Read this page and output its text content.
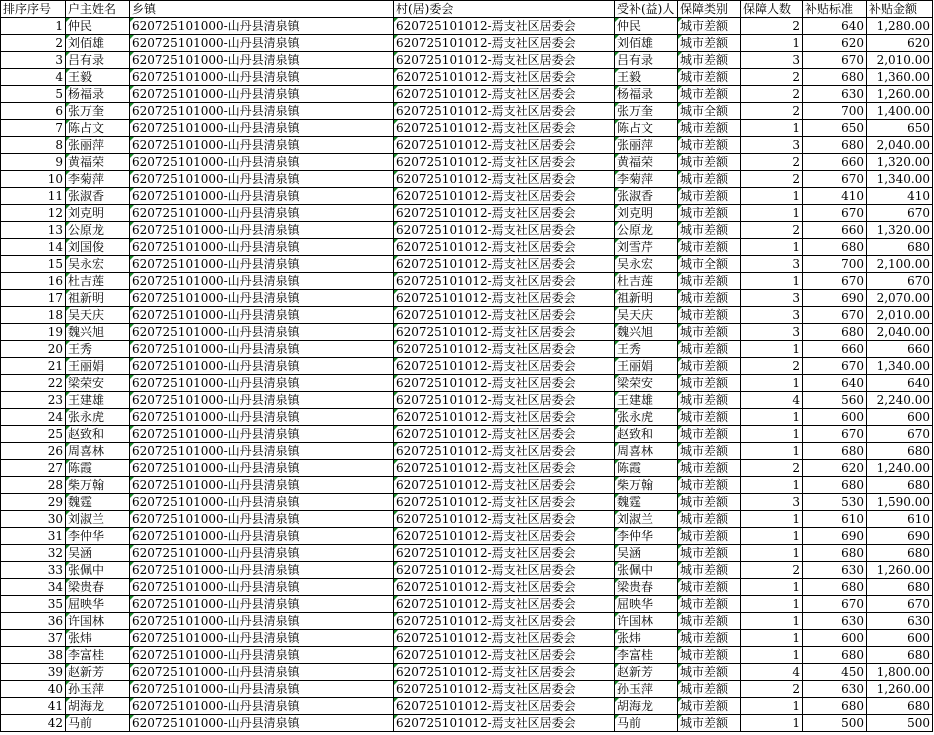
排序序号	户主姓名	乡镇	村(居)委会	受补(益)人	保障类别	保障人数	补贴标准	补贴金额
1	仲民	620725101000-山丹县清泉镇	620725101012-焉支社区居委会	仲民	城市差额	2	640	1,280.00
2	刘佰雄	620725101000-山丹县清泉镇	620725101012-焉支社区居委会	刘佰雄	城市差额	1	620	620
3	吕有录	620725101000-山丹县清泉镇	620725101012-焉支社区居委会	吕有录	城市差额	3	670	2,010.00
4	王毅	620725101000-山丹县清泉镇	620725101012-焉支社区居委会	王毅	城市差额	2	680	1,360.00
5	杨福录	620725101000-山丹县清泉镇	620725101012-焉支社区居委会	杨福录	城市差额	2	630	1,260.00
6	张万奎	620725101000-山丹县清泉镇	620725101012-焉支社区居委会	张万奎	城市全额	2	700	1,400.00
7	陈占文	620725101000-山丹县清泉镇	620725101012-焉支社区居委会	陈占文	城市差额	1	650	650
8	张丽萍	620725101000-山丹县清泉镇	620725101012-焉支社区居委会	张丽萍	城市差额	3	680	2,040.00
9	黄福荣	620725101000-山丹县清泉镇	620725101012-焉支社区居委会	黄福荣	城市差额	2	660	1,320.00
10	李菊萍	620725101000-山丹县清泉镇	620725101012-焉支社区居委会	李菊萍	城市差额	2	670	1,340.00
11	张淑香	620725101000-山丹县清泉镇	620725101012-焉支社区居委会	张淑香	城市差额	1	410	410
12	刘克明	620725101000-山丹县清泉镇	620725101012-焉支社区居委会	刘克明	城市差额	1	670	670
13	公原龙	620725101000-山丹县清泉镇	620725101012-焉支社区居委会	公原龙	城市差额	2	660	1,320.00
14	刘国俊	620725101000-山丹县清泉镇	620725101012-焉支社区居委会	刘雪芹	城市差额	1	680	680
15	吴永宏	620725101000-山丹县清泉镇	620725101012-焉支社区居委会	吴永宏	城市全额	3	700	2,100.00
16	杜吉莲	620725101000-山丹县清泉镇	620725101012-焉支社区居委会	杜吉莲	城市差额	1	670	670
17	祖新明	620725101000-山丹县清泉镇	620725101012-焉支社区居委会	祖新明	城市差额	3	690	2,070.00
18	吴天庆	620725101000-山丹县清泉镇	620725101012-焉支社区居委会	吴天庆	城市差额	3	670	2,010.00
19	魏兴旭	620725101000-山丹县清泉镇	620725101012-焉支社区居委会	魏兴旭	城市差额	3	680	2,040.00
20	王秀	620725101000-山丹县清泉镇	620725101012-焉支社区居委会	王秀	城市差额	1	660	660
21	王丽娟	620725101000-山丹县清泉镇	620725101012-焉支社区居委会	王丽娟	城市差额	2	670	1,340.00
22	梁荣安	620725101000-山丹县清泉镇	620725101012-焉支社区居委会	梁荣安	城市差额	1	640	640
23	王建雄	620725101000-山丹县清泉镇	620725101012-焉支社区居委会	王建雄	城市差额	4	560	2,240.00
24	张永虎	620725101000-山丹县清泉镇	620725101012-焉支社区居委会	张永虎	城市差额	1	600	600
25	赵致和	620725101000-山丹县清泉镇	620725101012-焉支社区居委会	赵致和	城市差额	1	670	670
26	周喜林	620725101000-山丹县清泉镇	620725101012-焉支社区居委会	周喜林	城市差额	1	680	680
27	陈霞	620725101000-山丹县清泉镇	620725101012-焉支社区居委会	陈霞	城市差额	2	620	1,240.00
28	柴万翰	620725101000-山丹县清泉镇	620725101012-焉支社区居委会	柴万翰	城市差额	1	680	680
29	魏霆	620725101000-山丹县清泉镇	620725101012-焉支社区居委会	魏霆	城市差额	3	530	1,590.00
30	刘淑兰	620725101000-山丹县清泉镇	620725101012-焉支社区居委会	刘淑兰	城市差额	1	610	610
31	李仲华	620725101000-山丹县清泉镇	620725101012-焉支社区居委会	李仲华	城市差额	1	690	690
32	吴涵	620725101000-山丹县清泉镇	620725101012-焉支社区居委会	吴涵	城市差额	1	680	680
33	张佩中	620725101000-山丹县清泉镇	620725101012-焉支社区居委会	张佩中	城市差额	2	630	1,260.00
34	梁贵春	620725101000-山丹县清泉镇	620725101012-焉支社区居委会	梁贵春	城市差额	1	680	680
35	屈映华	620725101000-山丹县清泉镇	620725101012-焉支社区居委会	屈映华	城市差额	1	670	670
36	许国林	620725101000-山丹县清泉镇	620725101012-焉支社区居委会	许国林	城市差额	1	630	630
37	张炜	620725101000-山丹县清泉镇	620725101012-焉支社区居委会	张炜	城市差额	1	600	600
38	李富桂	620725101000-山丹县清泉镇	620725101012-焉支社区居委会	李富桂	城市差额	1	680	680
39	赵新芳	620725101000-山丹县清泉镇	620725101012-焉支社区居委会	赵新芳	城市差额	4	450	1,800.00
40	孙玉萍	620725101000-山丹县清泉镇	620725101012-焉支社区居委会	孙玉萍	城市差额	2	630	1,260.00
41	胡海龙	620725101000-山丹县清泉镇	620725101012-焉支社区居委会	胡海龙	城市差额	1	680	680
42	马前	620725101000-山丹县清泉镇	620725101012-焉支社区居委会	马前	城市差额	1	500	500
